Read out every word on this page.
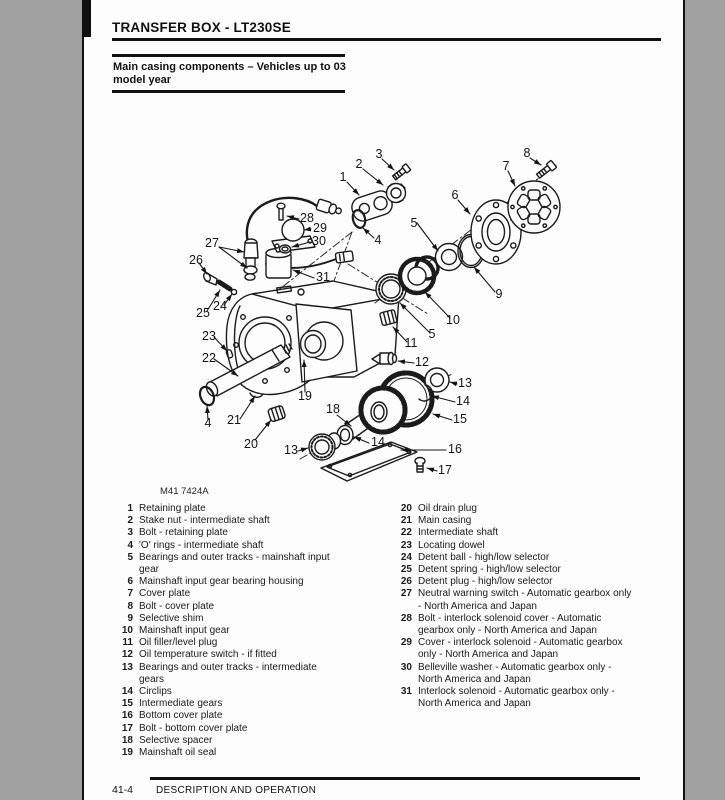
TRANSFER BOX - LT230SE
Main casing components – Vehicles up to 03 model year
1
2
3
4
5
6
7
8
9
10
5
11
12
13
14
15
16
17
18
14
13
19
20
21
22
23
4
24
25
26
27
28
29
30
31
M41 7424A
1 Retaining plate
2 Stake nut - intermediate shaft
3 Bolt - retaining plate
4 'O' rings - intermediate shaft
5 Bearings and outer tracks - mainshaft input gear
6 Mainshaft input gear bearing housing
7 Cover plate
8 Bolt - cover plate
9 Selective shim
10 Mainshaft input gear
11 Oil filler/level plug
12 Oil temperature switch - if fitted
13 Bearings and outer tracks - intermediate gears
14 Circlips
15 Intermediate gears
16 Bottom cover plate
17 Bolt - bottom cover plate
18 Selective spacer
19 Mainshaft oil seal
20 Oil drain plug
21 Main casing
22 Intermediate shaft
23 Locating dowel
24 Detent ball - high/low selector
25 Detent spring - high/low selector
26 Detent plug - high/low selector
27 Neutral warning switch - Automatic gearbox only - North America and Japan
28 Bolt - interlock solenoid cover - Automatic gearbox only - North America and Japan
29 Cover - interlock solenoid - Automatic gearbox only - North America and Japan
30 Belleville washer - Automatic gearbox only - North America and Japan
31 Interlock solenoid - Automatic gearbox only - North America and Japan
41-4 DESCRIPTION AND OPERATION
